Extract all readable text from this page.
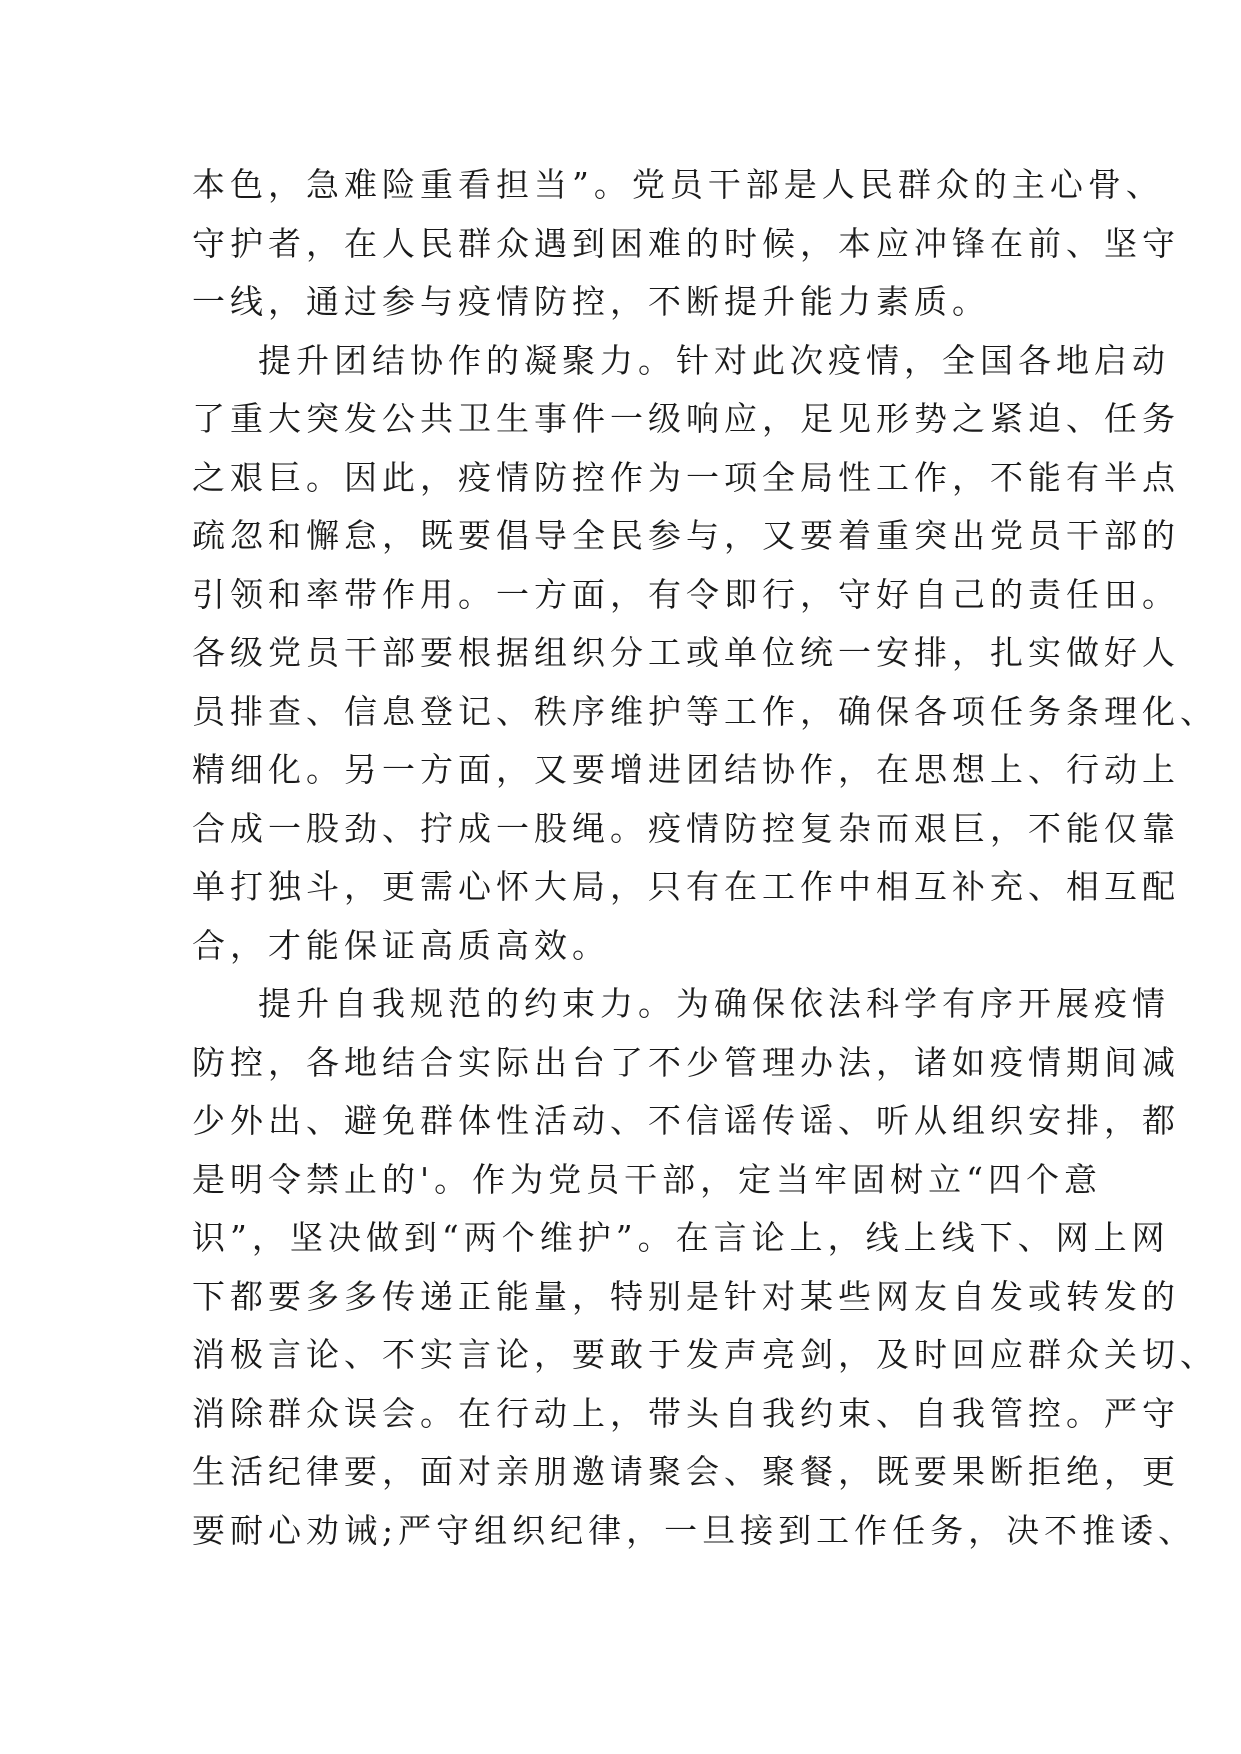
本色，急难险重看担当”。党员干部是人民群众的主心骨、
守护者，在人民群众遇到困难的时候，本应冲锋在前、坚守
一线，通过参与疫情防控，不断提升能力素质。
提升团结协作的凝聚力。针对此次疫情，全国各地启动
了重大突发公共卫生事件一级响应，足见形势之紧迫、任务
之艰巨。因此，疫情防控作为一项全局性工作，不能有半点
疏忽和懈怠，既要倡导全民参与，又要着重突出党员干部的
引领和率带作用。一方面，有令即行，守好自己的责任田。
各级党员干部要根据组织分工或单位统一安排，扎实做好人
员排查、信息登记、秩序维护等工作，确保各项任务条理化、
精细化。另一方面，又要增进团结协作，在思想上、行动上
合成一股劲、拧成一股绳。疫情防控复杂而艰巨，不能仅靠
单打独斗，更需心怀大局，只有在工作中相互补充、相互配
合，才能保证高质高效。
提升自我规范的约束力。为确保依法科学有序开展疫情
防控，各地结合实际出台了不少管理办法，诸如疫情期间减
少外出、避免群体性活动、不信谣传谣、听从组织安排，都
是明令禁止的'。作为党员干部，定当牢固树立“四个意
识”，坚决做到“两个维护”。在言论上，线上线下、网上网
下都要多多传递正能量，特别是针对某些网友自发或转发的
消极言论、不实言论，要敢于发声亮剑，及时回应群众关切、
消除群众误会。在行动上，带头自我约束、自我管控。严守
生活纪律要，面对亲朋邀请聚会、聚餐，既要果断拒绝，更
要耐心劝诫;严守组织纪律，一旦接到工作任务，决不推诿、
